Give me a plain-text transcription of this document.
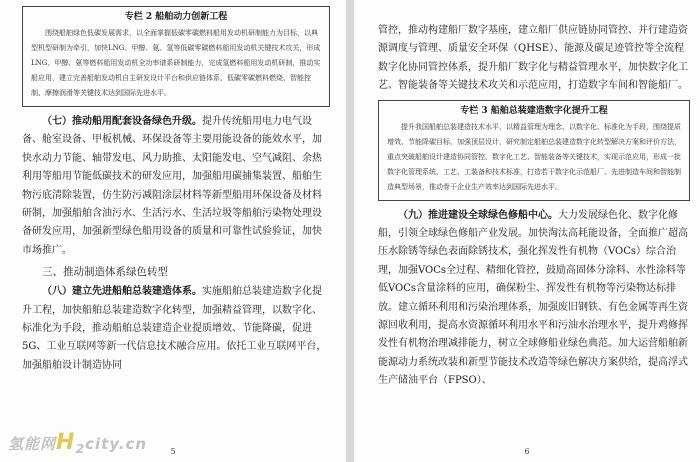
专栏 2 船舶动力创新工程
围绕船舶绿色低碳发展需求，以全面掌握低碳零碳燃料船用发动机研制能力为目标，以典型机型研制为牵引，加快LNG、甲醇、氨、氢等低碳零碳燃料船用发动机关键技术攻关，形成LNG、甲醇、氨等燃料船用发动机全功率谱系研制能力，完成氢燃料船用发动机研制，推动实船应用，建立完善船舶发动机自主研发设计平台和供应链体系，低碳零碳燃料燃烧、智能控制、摩擦润滑等关键技术达到国际先进水平。

（七）推动船用配套设备绿色升级。提升传统船用电力电气设备、舱室设备、甲板机械、环保设备等主要用能设备的能效水平，加快水动力节能、轴带发电、风力助推、太阳能发电、空气减阻、余热利用等船用节能低碳技术的研发应用，加强船用碳捕集装置、船舶生物污底清除装置，仿生防污减阻涂层材料等新型船用环保设备及材料研制，加强船舶含油污水、生活污水、生活垃圾等船舶污染物处理设备研发应用，加强新型绿色船用设备的质量和可靠性试验验证，加快市场推广。

三、推动制造体系绿色转型

（八）建立先进船舶总装建造体系。实施船舶总装建造数字化提升工程，加快船舶总装建造数字化转型，加强精益管理，以数字化、标准化为手段，推动船舶总装建造企业提质增效、节能降碳，促进5G、工业互联网等新一代信息技术融合应用。依托工业互联网平台，加强船舶设计制造协同

5
氢能网$H_2city.cn$

管控，推动构建船厂数字基座，建立船厂供应链协同管控、并行建造资源调度与管理、质量安全环保（QHSE）、能源及碳足迹管控等全流程数字化协同管控体系，提升船厂数字化与精益管理水平，加快数字化工艺、智能装备等关键技术攻关和示范应用，打造数字车间和智能船厂。

专栏 3 船舶总装建造数字化提升工程
提升我国船舶总装建造技术水平，以精益管理为理念，以数字化、标准化为手段，围绕提质增效、节能降碳目标，加强顶层设计，研究制定船舶总装建造数字化转型解决方案和评价方法，重点突破船舶设计建造协同管控、数字化工艺、智能装备等关键技术，实现示范应用，形成一批数字化管理系统、工艺、工装备和技术标准，打造若干数字化示范船厂、先进制造车间和智能制造典型场景，推动骨干企业生产效率达到国际先进水平。

（九）推进建设全球绿色修船中心。大力发展绿色化、数字化修船，引领全球绿色修船产业发展。加快淘汰高耗能设备，全面推广超高压水除锈等绿色表面除锈技术，强化挥发性有机物（VOCs）综合治理，加强VOCs全过程、精细化管控，鼓励高固体分涂料、水性涂料等低VOCs含量涂料的应用，确保粉尘、挥发性有机物等污染物达标排放。建立循环利用和污染治理体系，加强废旧钢铁、有色金属等再生资源回收利用，提高水资源循环利用水平和污油水治理水平，提升鸡修挥发性有机物治理减排能力，树立全球修船业绿色典范。加大运营船舶新能源动力系统改装和新型节能技术改造等绿色解决方案供给，提高浮式生产储油平台（FPSO）、

6
